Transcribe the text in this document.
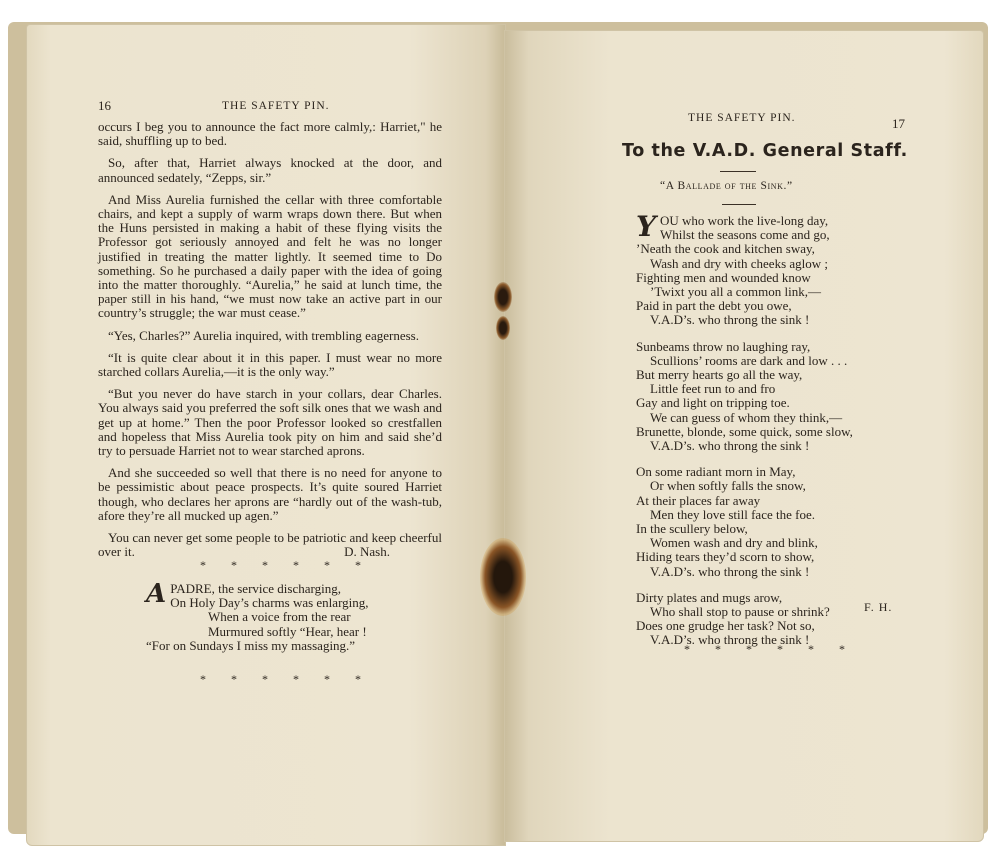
16	THE SAFETY PIN.

occurs I beg you to announce the fact more calmly,: Harriet," he said, shuffling up to bed.

So, after that, Harriet always knocked at the door, and announced sedately, “Zepps, sir.”

And Miss Aurelia furnished the cellar with three comfortable chairs, and kept a supply of warm wraps down there. But when the Huns persisted in making a habit of these flying visits the Professor got seriously annoyed and felt he was no longer justified in treating the matter lightly. It seemed time to Do something. So he purchased a daily paper with the idea of going into the matter thoroughly. “Aurelia,” he said at lunch time, the paper still in his hand, “we must now take an active part in our country’s struggle; the war must cease.”

“Yes, Charles?” Aurelia inquired, with trembling eagerness.

“It is quite clear about it in this paper. I must wear no more starched collars Aurelia,—it is the only way.”

“But you never do have starch in your collars, dear Charles. You always said you preferred the soft silk ones that we wash and get up at home.” Then the poor Professor looked so crestfallen and hopeless that Miss Aurelia took pity on him and said she’d try to persuade Harriet not to wear starched aprons.

And she succeeded so well that there is no need for anyone to be pessimistic about peace prospects. It’s quite soured Harriet though, who declares her aprons are “hardly out of the wash-tub, afore they’re all mucked up agen.”

You can never get some people to be patriotic and keep cheerful over it.	D. Nash.
* * * * * *
A PADRE, the service discharging,
On Holy Day’s charms was enlarging,
When a voice from the rear
Murmured softly “Hear, hear !
“For on Sundays I miss my massaging.”
* * * * * *
THE SAFETY PIN.	17
To the V.A.D. General Staff.
“A Ballade of the Sink.”
Y OU who work the live-long day,
Whilst the seasons come and go,
’Neath the cook and kitchen sway,
Wash and dry with cheeks aglow ;
Fighting men and wounded know
’Twixt you all a common link,—
Paid in part the debt you owe,
V.A.D’s. who throng the sink !
Sunbeams throw no laughing ray,
Scullions’ rooms are dark and low . . .
But merry hearts go all the way,
Little feet run to and fro
Gay and light on tripping toe.
We can guess of whom they think,—
Brunette, blonde, some quick, some slow,
V.A.D’s. who throng the sink !
On some radiant morn in May,
Or when softly falls the snow,
At their places far away
Men they love still face the foe.
In the scullery below,
Women wash and dry and blink,
Hiding tears they’d scorn to show,
V.A.D’s. who throng the sink !
Dirty plates and mugs arow,
Who shall stop to pause or shrink?
Does one grudge her task? Not so,
V.A.D’s. who throng the sink !
F. H.
* * * * * *
